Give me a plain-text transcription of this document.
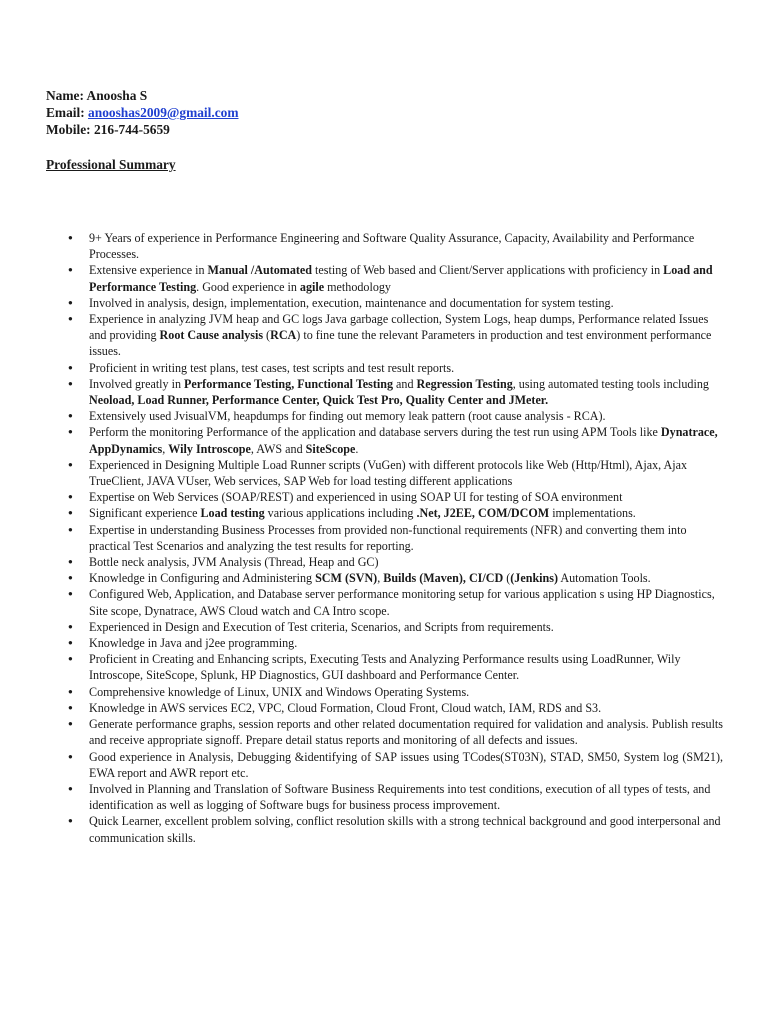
Name: Anoosha S
Email: anooshas2009@gmail.com
Mobile: 216-744-5659
Professional Summary
● 9+ Years of experience in Performance Engineering and Software Quality Assurance, Capacity, Availability and Performance Processes.
● Extensive experience in Manual /Automated testing of Web based and Client/Server applications with proficiency in Load and Performance Testing. Good experience in agile methodology
● Involved in analysis, design, implementation, execution, maintenance and documentation for system testing.
● Experience in analyzing JVM heap and GC logs Java garbage collection, System Logs, heap dumps, Performance related Issues and providing Root Cause analysis (RCA) to fine tune the relevant Parameters in production and test environment performance issues.
● Proficient in writing test plans, test cases, test scripts and test result reports.
● Involved greatly in Performance Testing, Functional Testing and Regression Testing, using automated testing tools including Neoload, Load Runner, Performance Center, Quick Test Pro, Quality Center and JMeter.
● Extensively used JvisualVM, heapdumps for finding out memory leak pattern (root cause analysis - RCA).
● Perform the monitoring Performance of the application and database servers during the test run using APM Tools like Dynatrace, AppDynamics, Wily Introscope, AWS and SiteScope.
● Experienced in Designing Multiple Load Runner scripts (VuGen) with different protocols like Web (Http/Html), Ajax, Ajax TrueClient, JAVA VUser, Web services, SAP Web for load testing different applications
● Expertise on Web Services (SOAP/REST) and experienced in using SOAP UI for testing of SOA environment
● Significant experience Load testing various applications including .Net, J2EE, COM/DCOM implementations.
● Expertise in understanding Business Processes from provided non-functional requirements (NFR) and converting them into practical Test Scenarios and analyzing the test results for reporting.
● Bottle neck analysis, JVM Analysis (Thread, Heap and GC)
● Knowledge in Configuring and Administering SCM (SVN), Builds (Maven), CI/CD ((Jenkins) Automation Tools.
● Configured Web, Application, and Database server performance monitoring setup for various application s using HP Diagnostics, Site scope, Dynatrace, AWS Cloud watch and CA Intro scope.
● Experienced in Design and Execution of Test criteria, Scenarios, and Scripts from requirements.
● Knowledge in Java and j2ee programming.
● Proficient in Creating and Enhancing scripts, Executing Tests and Analyzing Performance results using LoadRunner, Wily Introscope, SiteScope, Splunk, HP Diagnostics, GUI dashboard and Performance Center.
● Comprehensive knowledge of Linux, UNIX and Windows Operating Systems.
● Knowledge in AWS services EC2, VPC, Cloud Formation, Cloud Front, Cloud watch, IAM, RDS and S3.
● Generate performance graphs, session reports and other related documentation required for validation and analysis. Publish results and receive appropriate signoff. Prepare detail status reports and monitoring of all defects and issues.
● Good experience in Analysis, Debugging &identifying of SAP issues using TCodes(ST03N), STAD, SM50, System log (SM21), EWA report and AWR report etc.
● Involved in Planning and Translation of Software Business Requirements into test conditions, execution of all types of tests, and identification as well as logging of Software bugs for business process improvement.
● Quick Learner, excellent problem solving, conflict resolution skills with a strong technical background and good interpersonal and communication skills.
